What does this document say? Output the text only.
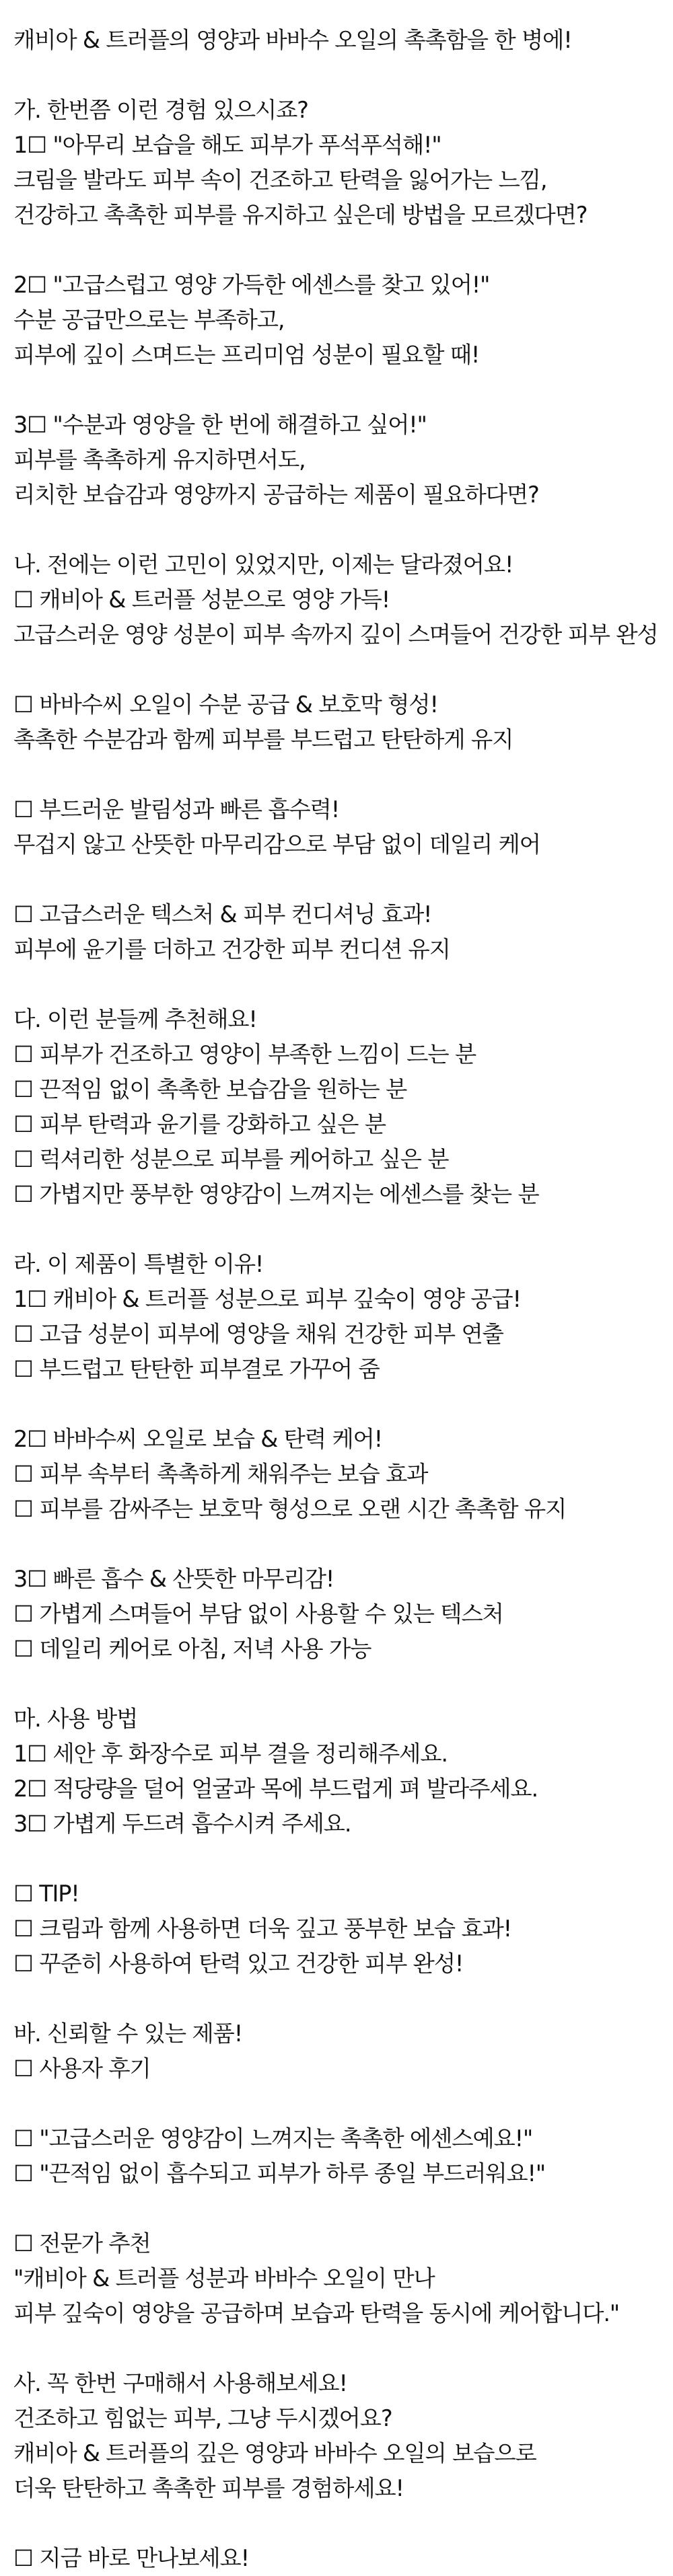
캐비아 & 트러플의 영양과 바바수 오일의 촉촉함을 한 병에!
가. 한번쯤 이런 경험 있으시죠?
1☐ "아무리 보습을 해도 피부가 푸석푸석해!"
크림을 발라도 피부 속이 건조하고 탄력을 잃어가는 느낌,
건강하고 촉촉한 피부를 유지하고 싶은데 방법을 모르겠다면?
2☐ "고급스럽고 영양 가득한 에센스를 찾고 있어!"
수분 공급만으로는 부족하고,
피부에 깊이 스며드는 프리미엄 성분이 필요할 때!
3☐ "수분과 영양을 한 번에 해결하고 싶어!"
피부를 촉촉하게 유지하면서도,
리치한 보습감과 영양까지 공급하는 제품이 필요하다면?
나. 전에는 이런 고민이 있었지만, 이제는 달라졌어요!
☐ 캐비아 & 트러플 성분으로 영양 가득!
고급스러운 영양 성분이 피부 속까지 깊이 스며들어 건강한 피부 완성
☐ 바바수씨 오일이 수분 공급 & 보호막 형성!
촉촉한 수분감과 함께 피부를 부드럽고 탄탄하게 유지
☐ 부드러운 발림성과 빠른 흡수력!
무겁지 않고 산뜻한 마무리감으로 부담 없이 데일리 케어
☐ 고급스러운 텍스처 & 피부 컨디셔닝 효과!
피부에 윤기를 더하고 건강한 피부 컨디션 유지
다. 이런 분들께 추천해요!
☐ 피부가 건조하고 영양이 부족한 느낌이 드는 분
☐ 끈적임 없이 촉촉한 보습감을 원하는 분
☐ 피부 탄력과 윤기를 강화하고 싶은 분
☐ 럭셔리한 성분으로 피부를 케어하고 싶은 분
☐ 가볍지만 풍부한 영양감이 느껴지는 에센스를 찾는 분
라. 이 제품이 특별한 이유!
1☐ 캐비아 & 트러플 성분으로 피부 깊숙이 영양 공급!
☐ 고급 성분이 피부에 영양을 채워 건강한 피부 연출
☐ 부드럽고 탄탄한 피부결로 가꾸어 줌
2☐ 바바수씨 오일로 보습 & 탄력 케어!
☐ 피부 속부터 촉촉하게 채워주는 보습 효과
☐ 피부를 감싸주는 보호막 형성으로 오랜 시간 촉촉함 유지
3☐ 빠른 흡수 & 산뜻한 마무리감!
☐ 가볍게 스며들어 부담 없이 사용할 수 있는 텍스처
☐ 데일리 케어로 아침, 저녁 사용 가능
마. 사용 방법
1☐ 세안 후 화장수로 피부 결을 정리해주세요.
2☐ 적당량을 덜어 얼굴과 목에 부드럽게 펴 발라주세요.
3☐ 가볍게 두드려 흡수시켜 주세요.
☐ TIP!
☐ 크림과 함께 사용하면 더욱 깊고 풍부한 보습 효과!
☐ 꾸준히 사용하여 탄력 있고 건강한 피부 완성!
바. 신뢰할 수 있는 제품!
☐ 사용자 후기
☐ "고급스러운 영양감이 느껴지는 촉촉한 에센스예요!"
☐ "끈적임 없이 흡수되고 피부가 하루 종일 부드러워요!"
☐ 전문가 추천
"캐비아 & 트러플 성분과 바바수 오일이 만나
피부 깊숙이 영양을 공급하며 보습과 탄력을 동시에 케어합니다."
사. 꼭 한번 구매해서 사용해보세요!
건조하고 힘없는 피부, 그냥 두시겠어요?
캐비아 & 트러플의 깊은 영양과 바바수 오일의 보습으로
더욱 탄탄하고 촉촉한 피부를 경험하세요!
☐ 지금 바로 만나보세요!
